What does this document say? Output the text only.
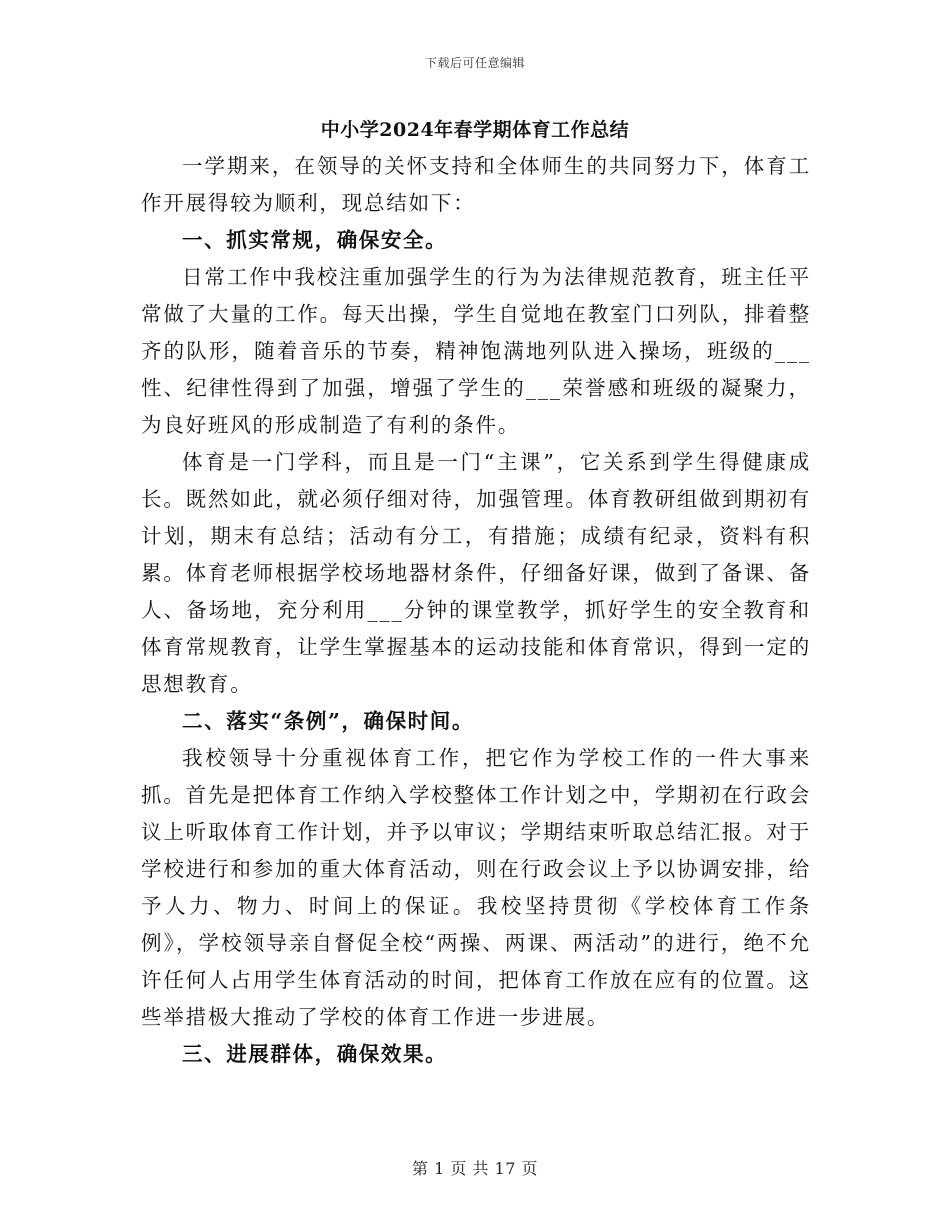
下载后可任意编辑
中小学2024年春学期体育工作总结

一学期来，在领导的关怀支持和全体师生的共同努力下，体育工作开展得较为顺利，现总结如下：

一、抓实常规，确保安全。

日常工作中我校注重加强学生的行为为法律规范教育，班主任平常做了大量的工作。每天出操，学生自觉地在教室门口列队，排着整齐的队形，随着音乐的节奏，精神饱满地列队进入操场，班级的___性、纪律性得到了加强，增强了学生的___荣誉感和班级的凝聚力，为良好班风的形成制造了有利的条件。

体育是一门学科，而且是一门“主课”，它关系到学生得健康成长。既然如此，就必须仔细对待，加强管理。体育教研组做到期初有计划，期末有总结；活动有分工，有措施；成绩有纪录，资料有积累。体育老师根据学校场地器材条件，仔细备好课，做到了备课、备人、备场地，充分利用___分钟的课堂教学，抓好学生的安全教育和体育常规教育，让学生掌握基本的运动技能和体育常识，得到一定的思想教育。

二、落实“条例”，确保时间。

我校领导十分重视体育工作，把它作为学校工作的一件大事来抓。首先是把体育工作纳入学校整体工作计划之中，学期初在行政会议上听取体育工作计划，并予以审议；学期结束听取总结汇报。对于学校进行和参加的重大体育活动，则在行政会议上予以协调安排，给予人力、物力、时间上的保证。我校坚持贯彻《学校体育工作条例》，学校领导亲自督促全校“两操、两课、两活动”的进行，绝不允许任何人占用学生体育活动的时间，把体育工作放在应有的位置。这些举措极大推动了学校的体育工作进一步进展。

三、进展群体，确保效果。

第 1 页 共 17 页
